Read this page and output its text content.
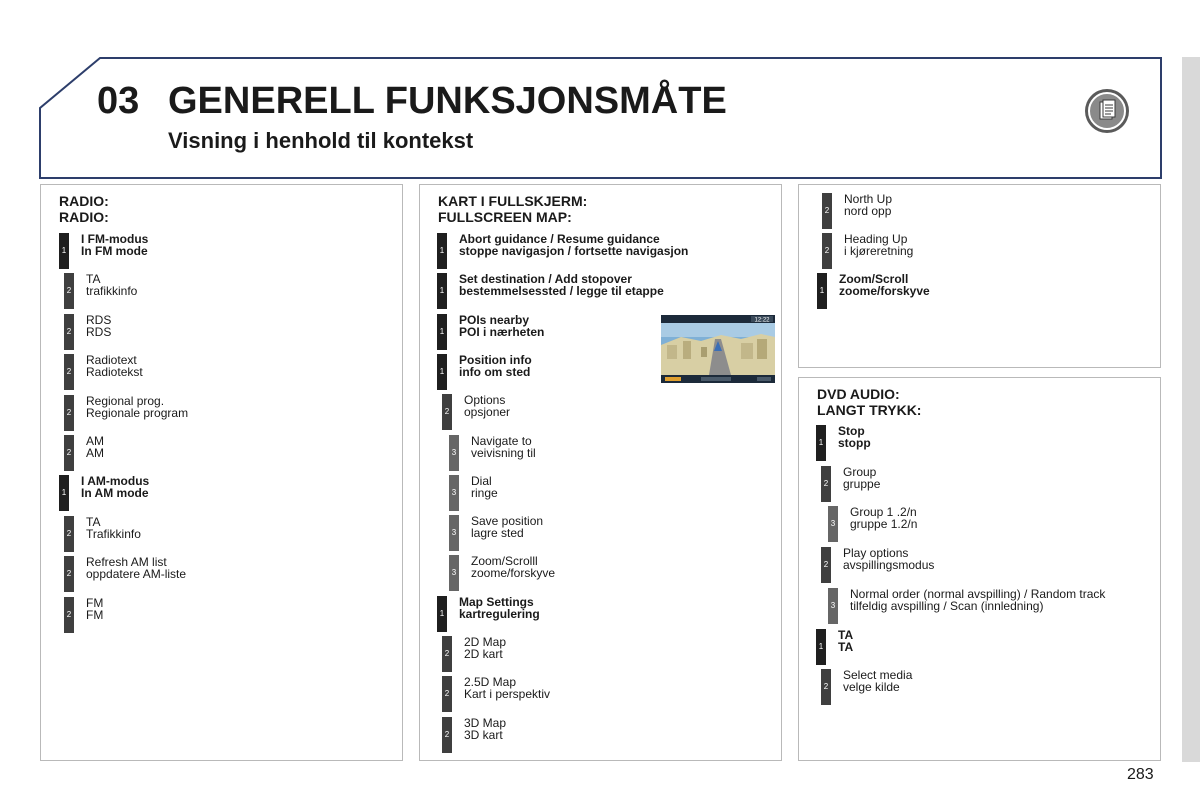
03 GENERELL FUNKSJONSMÅTE
Visning i henhold til kontekst
RADIO:
RADIO:
1
I FM-modus
In FM mode
2
TA
trafikkinfo
2
RDS
RDS
2
Radiotext
Radiotekst
2
Regional prog.
Regionale program
2
AM
AM
1
I AM-modus
In AM mode
2
TA
Trafikkinfo
2
Refresh AM list
oppdatere AM-liste
2
FM
FM
KART I FULLSKJERM:
FULLSCREEN MAP:
1
Abort guidance / Resume guidance
stoppe navigasjon / fortsette navigasjon
1
Set destination / Add stopover
bestemmelsessted / legge til etappe
1
POIs nearby
POI i nærheten
1
Position info
info om sted
2
Options
opsjoner
3
Navigate to
veivisning til
3
Dial
ringe
3
Save position
lagre sted
3
Zoom/Scrolll
zoome/forskyve
1
Map Settings
kartregulering
2
2D Map
2D kart
2
2.5D Map
Kart i perspektiv
2
3D Map
3D kart
12:22
2
North Up
nord opp
2
Heading Up
i kjøreretning
1
Zoom/Scroll
zoome/forskyve
DVD AUDIO:
LANGT TRYKK:
1
Stop
stopp
2
Group
gruppe
3
Group 1 .2/n
gruppe 1.2/n
2
Play options
avspillingsmodus
3
Normal order (normal avspilling) / Random track
tilfeldig avspilling / Scan (innledning)
1
TA
TA
2
Select media
velge kilde
283
